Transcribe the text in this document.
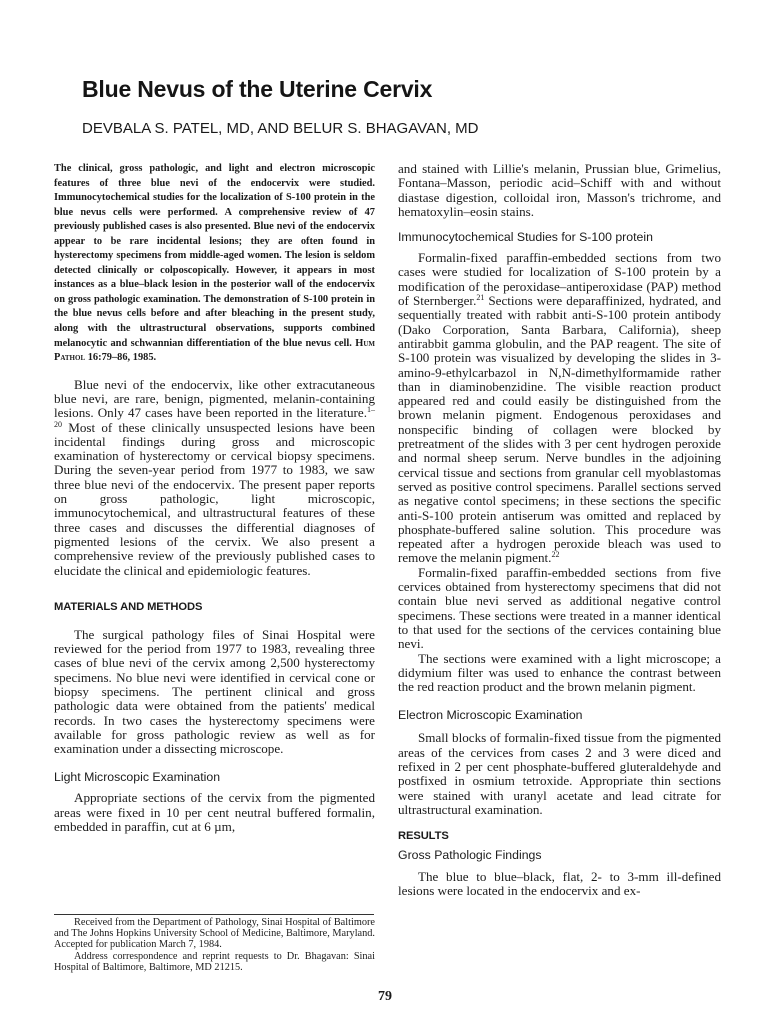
Blue Nevus of the Uterine Cervix
DEVBALA S. PATEL, MD, AND BELUR S. BHAGAVAN, MD

The clinical, gross pathologic, and light and electron microscopic features of three blue nevi of the endocervix were studied. Immunocytochemical studies for the localization of S-100 protein in the blue nevus cells were performed. A comprehensive review of 47 previously published cases is also presented. Blue nevi of the endocervix appear to be rare incidental lesions; they are often found in hysterectomy specimens from middle-aged women. The lesion is seldom detected clinically or colposcopically. However, it appears in most instances as a blue–black lesion in the posterior wall of the endocervix on gross pathologic examination. The demonstration of S-100 protein in the blue nevus cells before and after bleaching in the present study, along with the ultrastructural observations, supports combined melanocytic and schwannian differentiation of the blue nevus cell. Hum Pathol 16:79–86, 1985.

Blue nevi of the endocervix, like other extracutaneous blue nevi, are rare, benign, pigmented, melanin-containing lesions. Only 47 cases have been reported in the literature.$^{1-20}$ Most of these clinically unsuspected lesions have been incidental findings during gross and microscopic examination of hysterectomy or cervical biopsy specimens. During the seven-year period from 1977 to 1983, we saw three blue nevi of the endocervix. The present paper reports on gross pathologic, light microscopic, immunocytochemical, and ultrastructural features of these three cases and discusses the differential diagnoses of pigmented lesions of the cervix. We also present a comprehensive review of the previously published cases to elucidate the clinical and epidemiologic features.

MATERIALS AND METHODS

The surgical pathology files of Sinai Hospital were reviewed for the period from 1977 to 1983, revealing three cases of blue nevi of the cervix among 2,500 hysterectomy specimens. No blue nevi were identified in cervical cone or biopsy specimens. The pertinent clinical and gross pathologic data were obtained from the patients' medical records. In two cases the hysterectomy specimens were available for gross pathologic review as well as for examination under a dissecting microscope.

Light Microscopic Examination

Appropriate sections of the cervix from the pigmented areas were fixed in 10 per cent neutral buffered formalin, embedded in paraffin, cut at 6 µm,

Received from the Department of Pathology, Sinai Hospital of Baltimore and The Johns Hopkins University School of Medicine, Baltimore, Maryland. Accepted for publication March 7, 1984.

Address correspondence and reprint requests to Dr. Bhagavan: Sinai Hospital of Baltimore, Baltimore, MD 21215.

and stained with Lillie's melanin, Prussian blue, Grimelius, Fontana–Masson, periodic acid–Schiff with and without diastase digestion, colloidal iron, Masson's trichrome, and hematoxylin–eosin stains.

Immunocytochemical Studies for S-100 protein

Formalin-fixed paraffin-embedded sections from two cases were studied for localization of S-100 protein by a modification of the peroxidase–antiperoxidase (PAP) method of Sternberger.$^{21}$ Sections were deparaffinized, hydrated, and sequentially treated with rabbit anti-S-100 protein antibody (Dako Corporation, Santa Barbara, California), sheep antirabbit gamma globulin, and the PAP reagent. The site of S-100 protein was visualized by developing the slides in 3-amino-9-ethylcarbazol in N,N-dimethylformamide rather than in diaminobenzidine. The visible reaction product appeared red and could easily be distinguished from the brown melanin pigment. Endogenous peroxidases and nonspecific binding of collagen were blocked by pretreatment of the slides with 3 per cent hydrogen peroxide and normal sheep serum. Nerve bundles in the adjoining cervical tissue and sections from granular cell myoblastomas served as positive control specimens. Parallel sections served as negative contol specimens; in these sections the specific anti-S-100 protein antiserum was omitted and replaced by phosphate-buffered saline solution. This procedure was repeated after a hydrogen peroxide bleach was used to remove the melanin pigment.$^{22}$

Formalin-fixed paraffin-embedded sections from five cervices obtained from hysterectomy specimens that did not contain blue nevi served as additional negative control specimens. These sections were treated in a manner identical to that used for the sections of the cervices containing blue nevi.

The sections were examined with a light microscope; a didymium filter was used to enhance the contrast between the red reaction product and the brown melanin pigment.

Electron Microscopic Examination

Small blocks of formalin-fixed tissue from the pigmented areas of the cervices from cases 2 and 3 were diced and refixed in 2 per cent phosphate-buffered gluteraldehyde and postfixed in osmium tetroxide. Appropriate thin sections were stained with uranyl acetate and lead citrate for ultrastructural examination.

RESULTS
Gross Pathologic Findings

The blue to blue–black, flat, 2- to 3-mm ill-defined lesions were located in the endocervix and ex-

79
